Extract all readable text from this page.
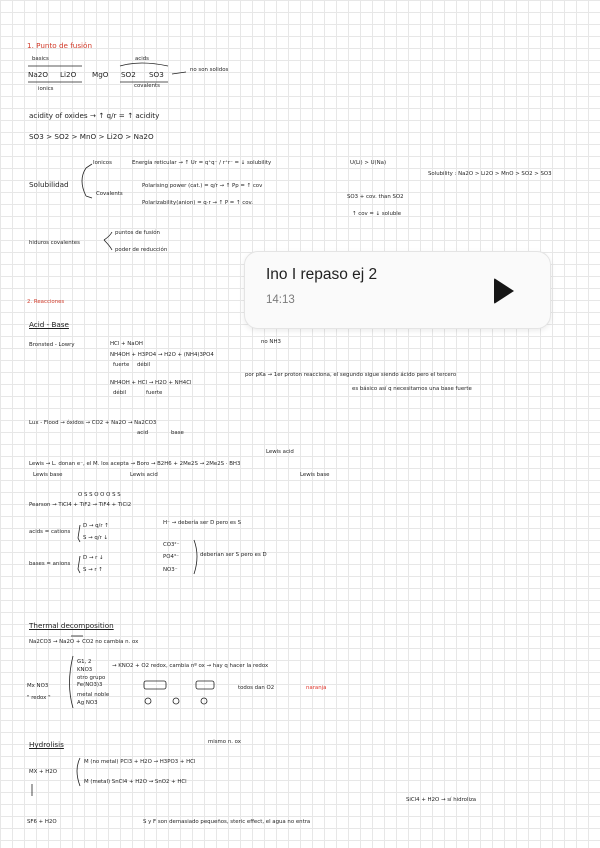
1. Punto de fusión
basics	acids
Na2O Li2O MgO SO2 SO3	no son solidos
ionics	covalents
acidity of oxides → ↑ q/r = ↑ acidity
SO3 > SO2 > MnO > Li2O > Na2O
Solubilidad
Ionicos	Energía reticular → ↑ Ur = q⁺q⁻ / r⁺r⁻ = ↓ solubility	U(Li) > U(Na)
Covalents
Polarising power (cat.) = q/r → ↑ Pp = ↑ cov
Polarizability(anion) = q·r → ↑ P = ↑ cov.
SO3 + cov. than SO2
Solubility : Na2O > Li2O > MnO > SO2 > SO3
↑ cov = ↓ soluble
hiduros covalentes
puntos de fusión
poder de reducción
Ino I repaso ej 2
14:13
2. Reacciones
Acid - Base
Bronsted - Lowry	HCl + NaOH	no NH3
NH4OH + H3PO4 → H2O + (NH4)3PO4
fuerte débil
NH4OH + HCl → H2O + NH4Cl
débil	fuerte
por pKa → 1er proton reacciona, el segundo sigue siendo ácido pero el tercero
es básico así q necesitamos una base fuerte
Lux - Flood → óxidos → CO2 + Na2O → Na2CO3
acid	base
Lewis → L. donan e⁻, el M. los acepta → Boro → B2H6 + 2Me2S → 2Me2S · BH3
Lewis base	Lewis acid
Lewis acid
Lewis base
O S S O O O S S
Pearson → TiCl4 + TiF2 → TiF4 + TiCl2
acids = cations
D → q/r ↑
S → q/r ↓
H⁻ → debería ser D pero es S
bases = anions
D → r ↓
S → r ↑
CO3²⁻
PO4³⁻
NO3⁻
deberían ser S pero es D
Thermal decomposition
Na2CO3 → Na2O + CO2 no cambia n. ox
G1, 2
KNO3
→ KNO2 + O2 redox, cambia nº ox → hay q hacer la redox
Mx NO3
" redox "
otro grupo
Fe(NO3)3
metal noble
Ag NO3
todos dan O2	naranja
Hydrolisis
MX + H2O
mismo n. ox
M (no metal) PCl3 + H2O → H3PO3 + HCl
M (metal) SnCl4 + H2O → SnO2 + HCl
SiCl4 + H2O → sí hidroliza
SF6 + H2O	S y F son demasiado pequeños, steric effect, el agua no entra
